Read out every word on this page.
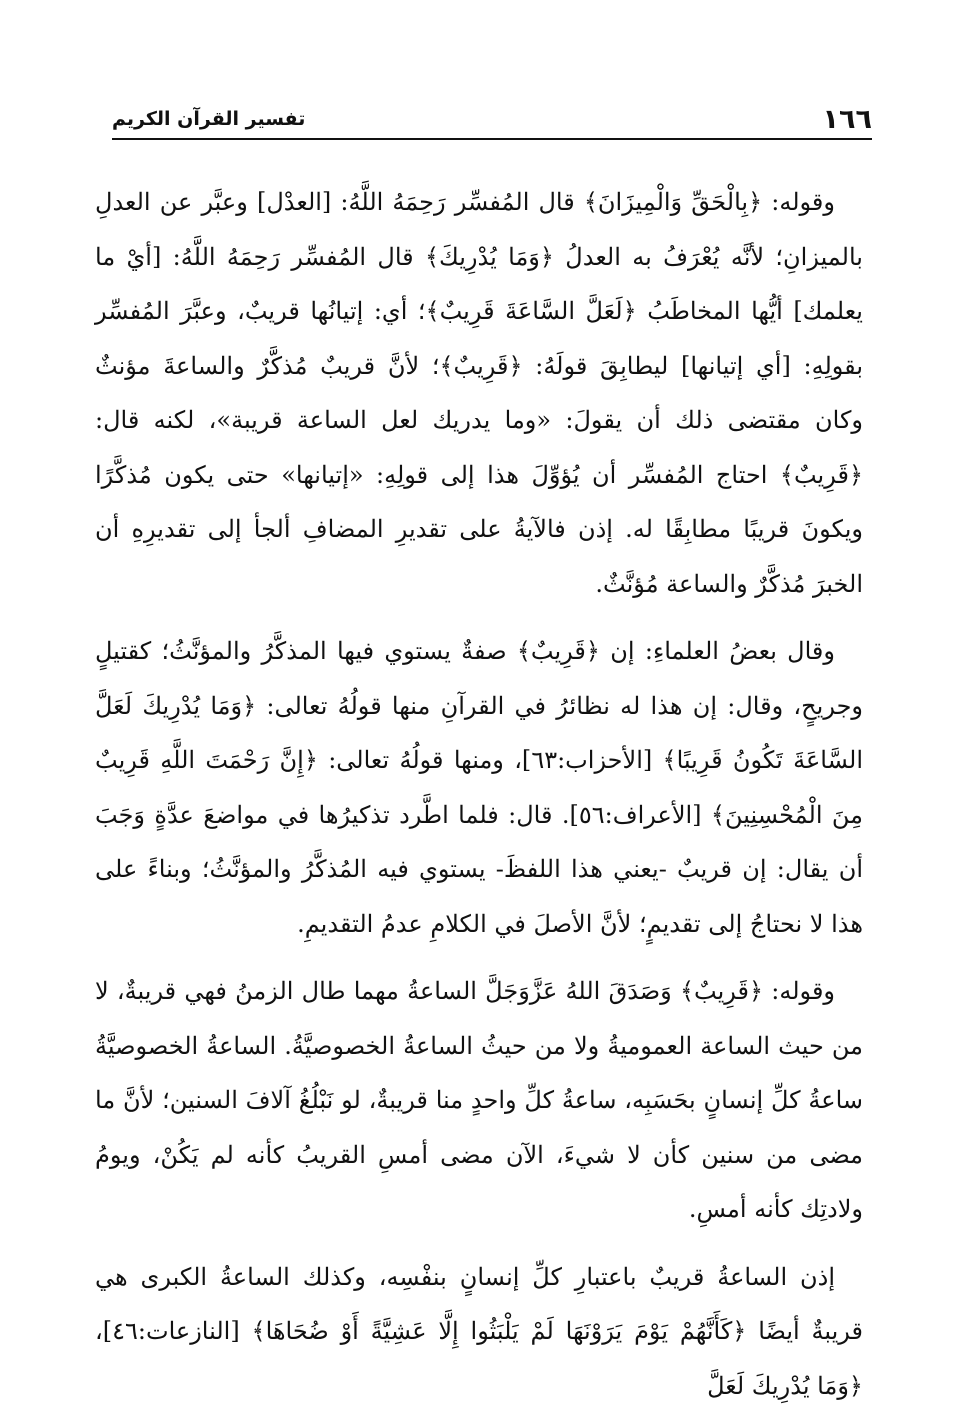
١٦٦
تفسير القرآن الكريم

وقوله: ﴿بِالْحَقِّ وَالْمِيزَانَ﴾ قال المُفسِّر رَحِمَهُ اللَّهُ: [العدْل] وعبَّر عن العدلِ بالميزانِ؛ لأنَّه يُعْرَفُ به العدلُ ﴿وَمَا يُدْرِيكَ﴾ قال المُفسِّر رَحِمَهُ اللَّهُ: [أيْ ما يعلمك] أيُّها المخاطَبُ ﴿لَعَلَّ السَّاعَةَ قَرِيبٌ﴾؛ أي: إتيانُها قريبٌ، وعبَّرَ المُفسِّر بقولِهِ: [أي إتيانها] ليطابِقَ قولَهُ: ﴿قَرِيبٌ﴾؛ لأنَّ قريبٌ مُذكَّرٌ والساعةَ مؤنثٌ وكان مقتضى ذلك أن يقولَ: «وما يدريك لعل الساعة قريبة»، لكنه قال: ﴿قَرِيبٌ﴾ احتاج المُفسِّر أن يُؤوِّلَ هذا إلى قولِهِ: «إتيانها» حتى يكون مُذكَّرًا ويكونَ قريبًا مطابِقًا له. إذن فالآيةُ على تقديرِ المضافِ ألجأ إلى تقديرِهِ أن الخبرَ مُذكَّرٌ والساعة مُؤنَّثٌ.

وقال بعضُ العلماءِ: إن ﴿قَرِيبٌ﴾ صفةٌ يستوي فيها المذكَّرُ والمؤنَّثُ؛ كقتيلٍ وجريحٍ، وقال: إن هذا له نظائرُ في القرآنِ منها قولُهُ تعالى: ﴿وَمَا يُدْرِيكَ لَعَلَّ السَّاعَةَ تَكُونُ قَرِيبًا﴾ [الأحزاب:٦٣]، ومنها قولُهُ تعالى: ﴿إِنَّ رَحْمَتَ اللَّهِ قَرِيبٌ مِنَ الْمُحْسِنِينَ﴾ [الأعراف:٥٦]. قال: فلما اطَّرد تذكيرُها في مواضعَ عدَّةٍ وَجَبَ أن يقال: إن قريبٌ -يعني هذا اللفظَ- يستوي فيه المُذكَّرُ والمؤنَّثُ؛ وبناءً على هذا لا نحتاجُ إلى تقديمٍ؛ لأنَّ الأصلَ في الكلامِ عدمُ التقديمِ.

وقوله: ﴿قَرِيبٌ﴾ وَصَدَقَ اللهُ عَزَّوَجَلَّ الساعةُ مهما طال الزمنُ فهي قريبةٌ، لا من حيث الساعة العموميةُ ولا من حيثُ الساعةُ الخصوصيَّةُ. الساعةُ الخصوصيَّةُ ساعةُ كلِّ إنسانٍ بحَسَبِه، ساعةُ كلِّ واحدٍ منا قريبةٌ، لو نَبْلُغُ آلافَ السنين؛ لأنَّ ما مضى من سنين كأن لا شيءَ، الآن مضى أمسِ القريبُ كأنه لم يَكُنْ، ويومُ ولادتِك كأنه أمسِ.

إذن الساعةُ قريبٌ باعتبارِ كلِّ إنسانٍ بنفْسِه، وكذلك الساعةُ الكبرى هي قريبةٌ أيضًا ﴿كَأَنَّهُمْ يَوْمَ يَرَوْنَهَا لَمْ يَلْبَثُوا إِلَّا عَشِيَّةً أَوْ ضُحَاهَا﴾ [النازعات:٤٦]، ﴿وَمَا يُدْرِيكَ لَعَلَّ
